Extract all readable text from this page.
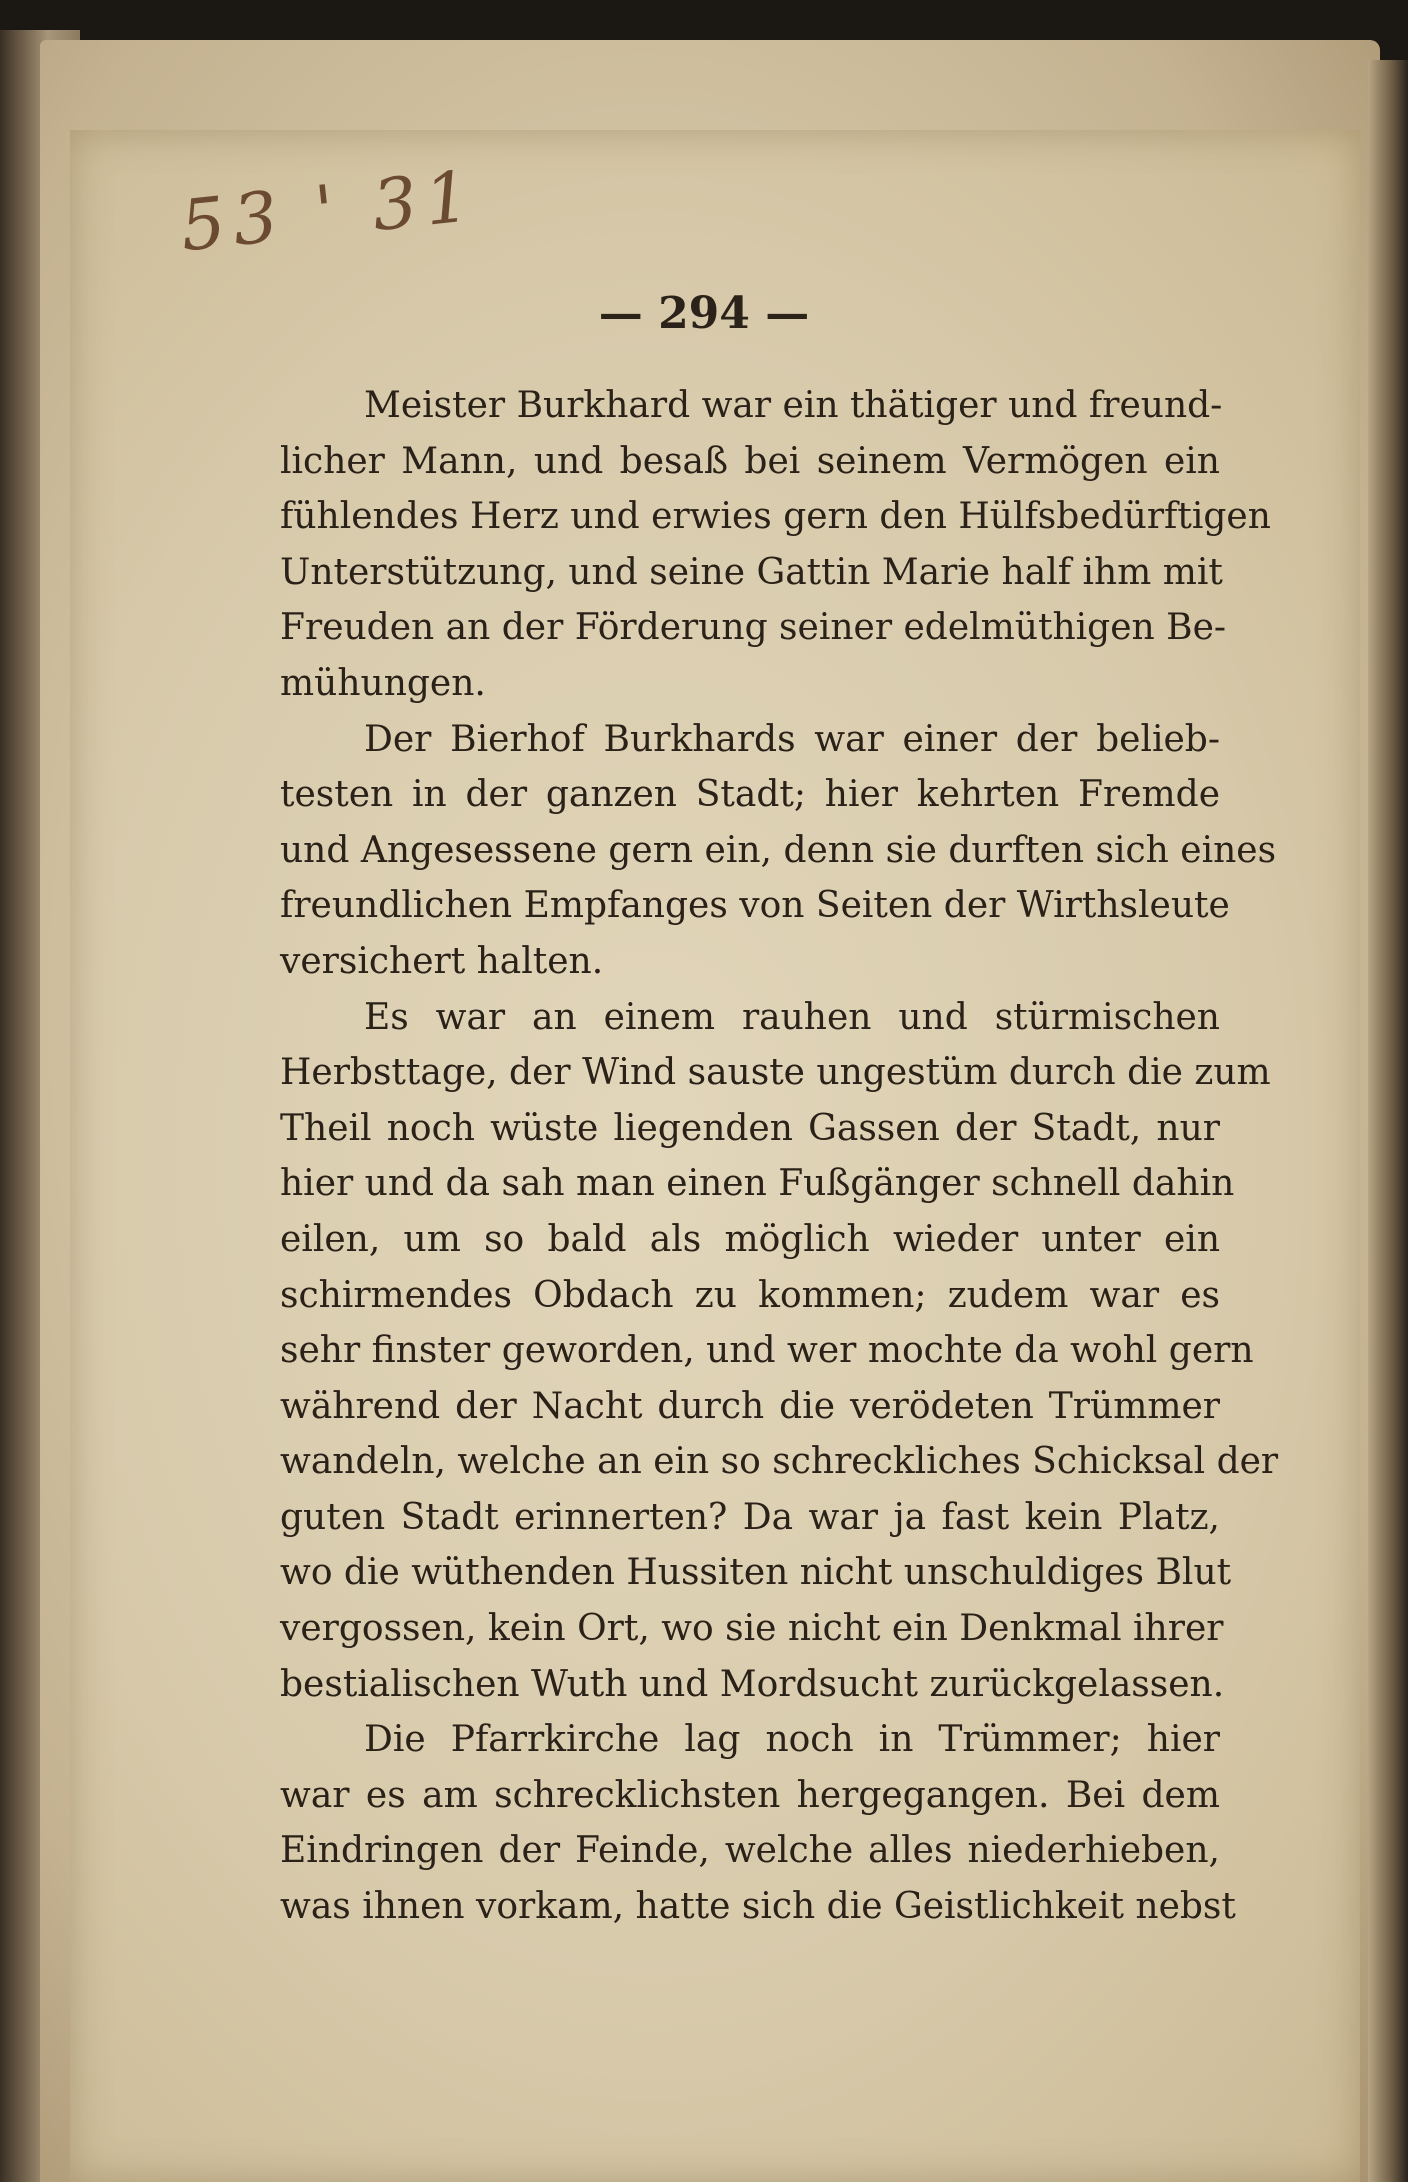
53 ' 31
— 294 —
Meister Burkhard war ein thätiger und freund-
licher Mann, und besaß bei seinem Vermögen ein
fühlendes Herz und erwies gern den Hülfsbedürftigen
Unterstützung, und seine Gattin Marie half ihm mit
Freuden an der Förderung seiner edelmüthigen Be-
mühungen.
Der Bierhof Burkhards war einer der belieb-
testen in der ganzen Stadt; hier kehrten Fremde
und Angesessene gern ein, denn sie durften sich eines
freundlichen Empfanges von Seiten der Wirthsleute
versichert halten.
Es war an einem rauhen und stürmischen
Herbsttage, der Wind sauste ungestüm durch die zum
Theil noch wüste liegenden Gassen der Stadt, nur
hier und da sah man einen Fußgänger schnell dahin
eilen, um so bald als möglich wieder unter ein
schirmendes Obdach zu kommen; zudem war es
sehr finster geworden, und wer mochte da wohl gern
während der Nacht durch die verödeten Trümmer
wandeln, welche an ein so schreckliches Schicksal der
guten Stadt erinnerten? Da war ja fast kein Platz,
wo die wüthenden Hussiten nicht unschuldiges Blut
vergossen, kein Ort, wo sie nicht ein Denkmal ihrer
bestialischen Wuth und Mordsucht zurückgelassen.
Die Pfarrkirche lag noch in Trümmer; hier
war es am schrecklichsten hergegangen. Bei dem
Eindringen der Feinde, welche alles niederhieben,
was ihnen vorkam, hatte sich die Geistlichkeit nebst
